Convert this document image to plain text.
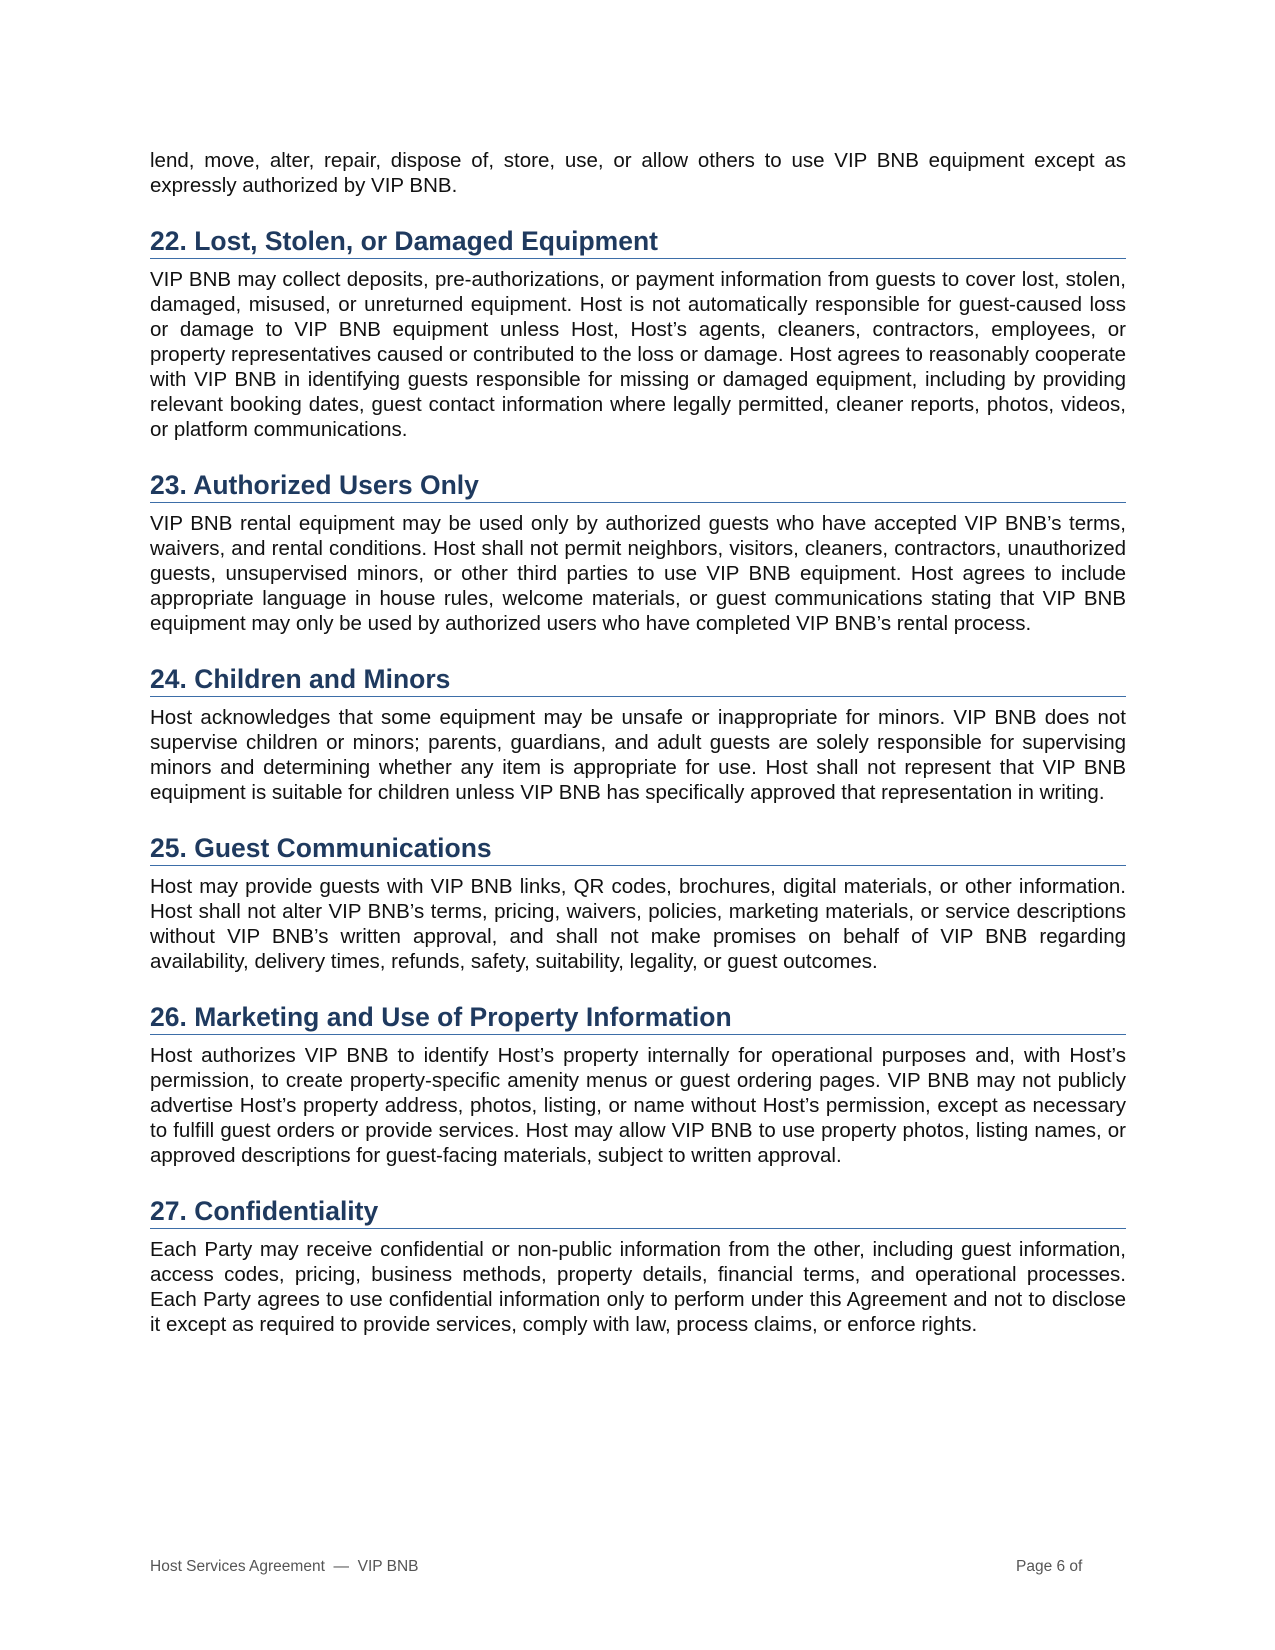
lend, move, alter, repair, dispose of, store, use, or allow others to use VIP BNB equipment except as expressly authorized by VIP BNB.

22. Lost, Stolen, or Damaged Equipment

VIP BNB may collect deposits, pre-authorizations, or payment information from guests to cover lost, stolen, damaged, misused, or unreturned equipment. Host is not automatically responsible for guest-caused loss or damage to VIP BNB equipment unless Host, Host’s agents, cleaners, contractors, employees, or property representatives caused or contributed to the loss or damage. Host agrees to reasonably cooperate with VIP BNB in identifying guests responsible for missing or damaged equipment, including by providing relevant booking dates, guest contact information where legally permitted, cleaner reports, photos, videos, or platform communications.

23. Authorized Users Only

VIP BNB rental equipment may be used only by authorized guests who have accepted VIP BNB’s terms, waivers, and rental conditions. Host shall not permit neighbors, visitors, cleaners, contractors, unauthorized guests, unsupervised minors, or other third parties to use VIP BNB equipment. Host agrees to include appropriate language in house rules, welcome materials, or guest communications stating that VIP BNB equipment may only be used by authorized users who have completed VIP BNB’s rental process.

24. Children and Minors

Host acknowledges that some equipment may be unsafe or inappropriate for minors. VIP BNB does not supervise children or minors; parents, guardians, and adult guests are solely responsible for supervising minors and determining whether any item is appropriate for use. Host shall not represent that VIP BNB equipment is suitable for children unless VIP BNB has specifically approved that representation in writing.

25. Guest Communications

Host may provide guests with VIP BNB links, QR codes, brochures, digital materials, or other information. Host shall not alter VIP BNB’s terms, pricing, waivers, policies, marketing materials, or service descriptions without VIP BNB’s written approval, and shall not make promises on behalf of VIP BNB regarding availability, delivery times, refunds, safety, suitability, legality, or guest outcomes.

26. Marketing and Use of Property Information

Host authorizes VIP BNB to identify Host’s property internally for operational purposes and, with Host’s permission, to create property-specific amenity menus or guest ordering pages. VIP BNB may not publicly advertise Host’s property address, photos, listing, or name without Host’s permission, except as necessary to fulfill guest orders or provide services. Host may allow VIP BNB to use property photos, listing names, or approved descriptions for guest-facing materials, subject to written approval.

27. Confidentiality

Each Party may receive confidential or non-public information from the other, including guest information, access codes, pricing, business methods, property details, financial terms, and operational processes. Each Party agrees to use confidential information only to perform under this Agreement and not to disclose it except as required to provide services, comply with law, process claims, or enforce rights.

Host Services Agreement  —  VIP BNB	Page 6 of
